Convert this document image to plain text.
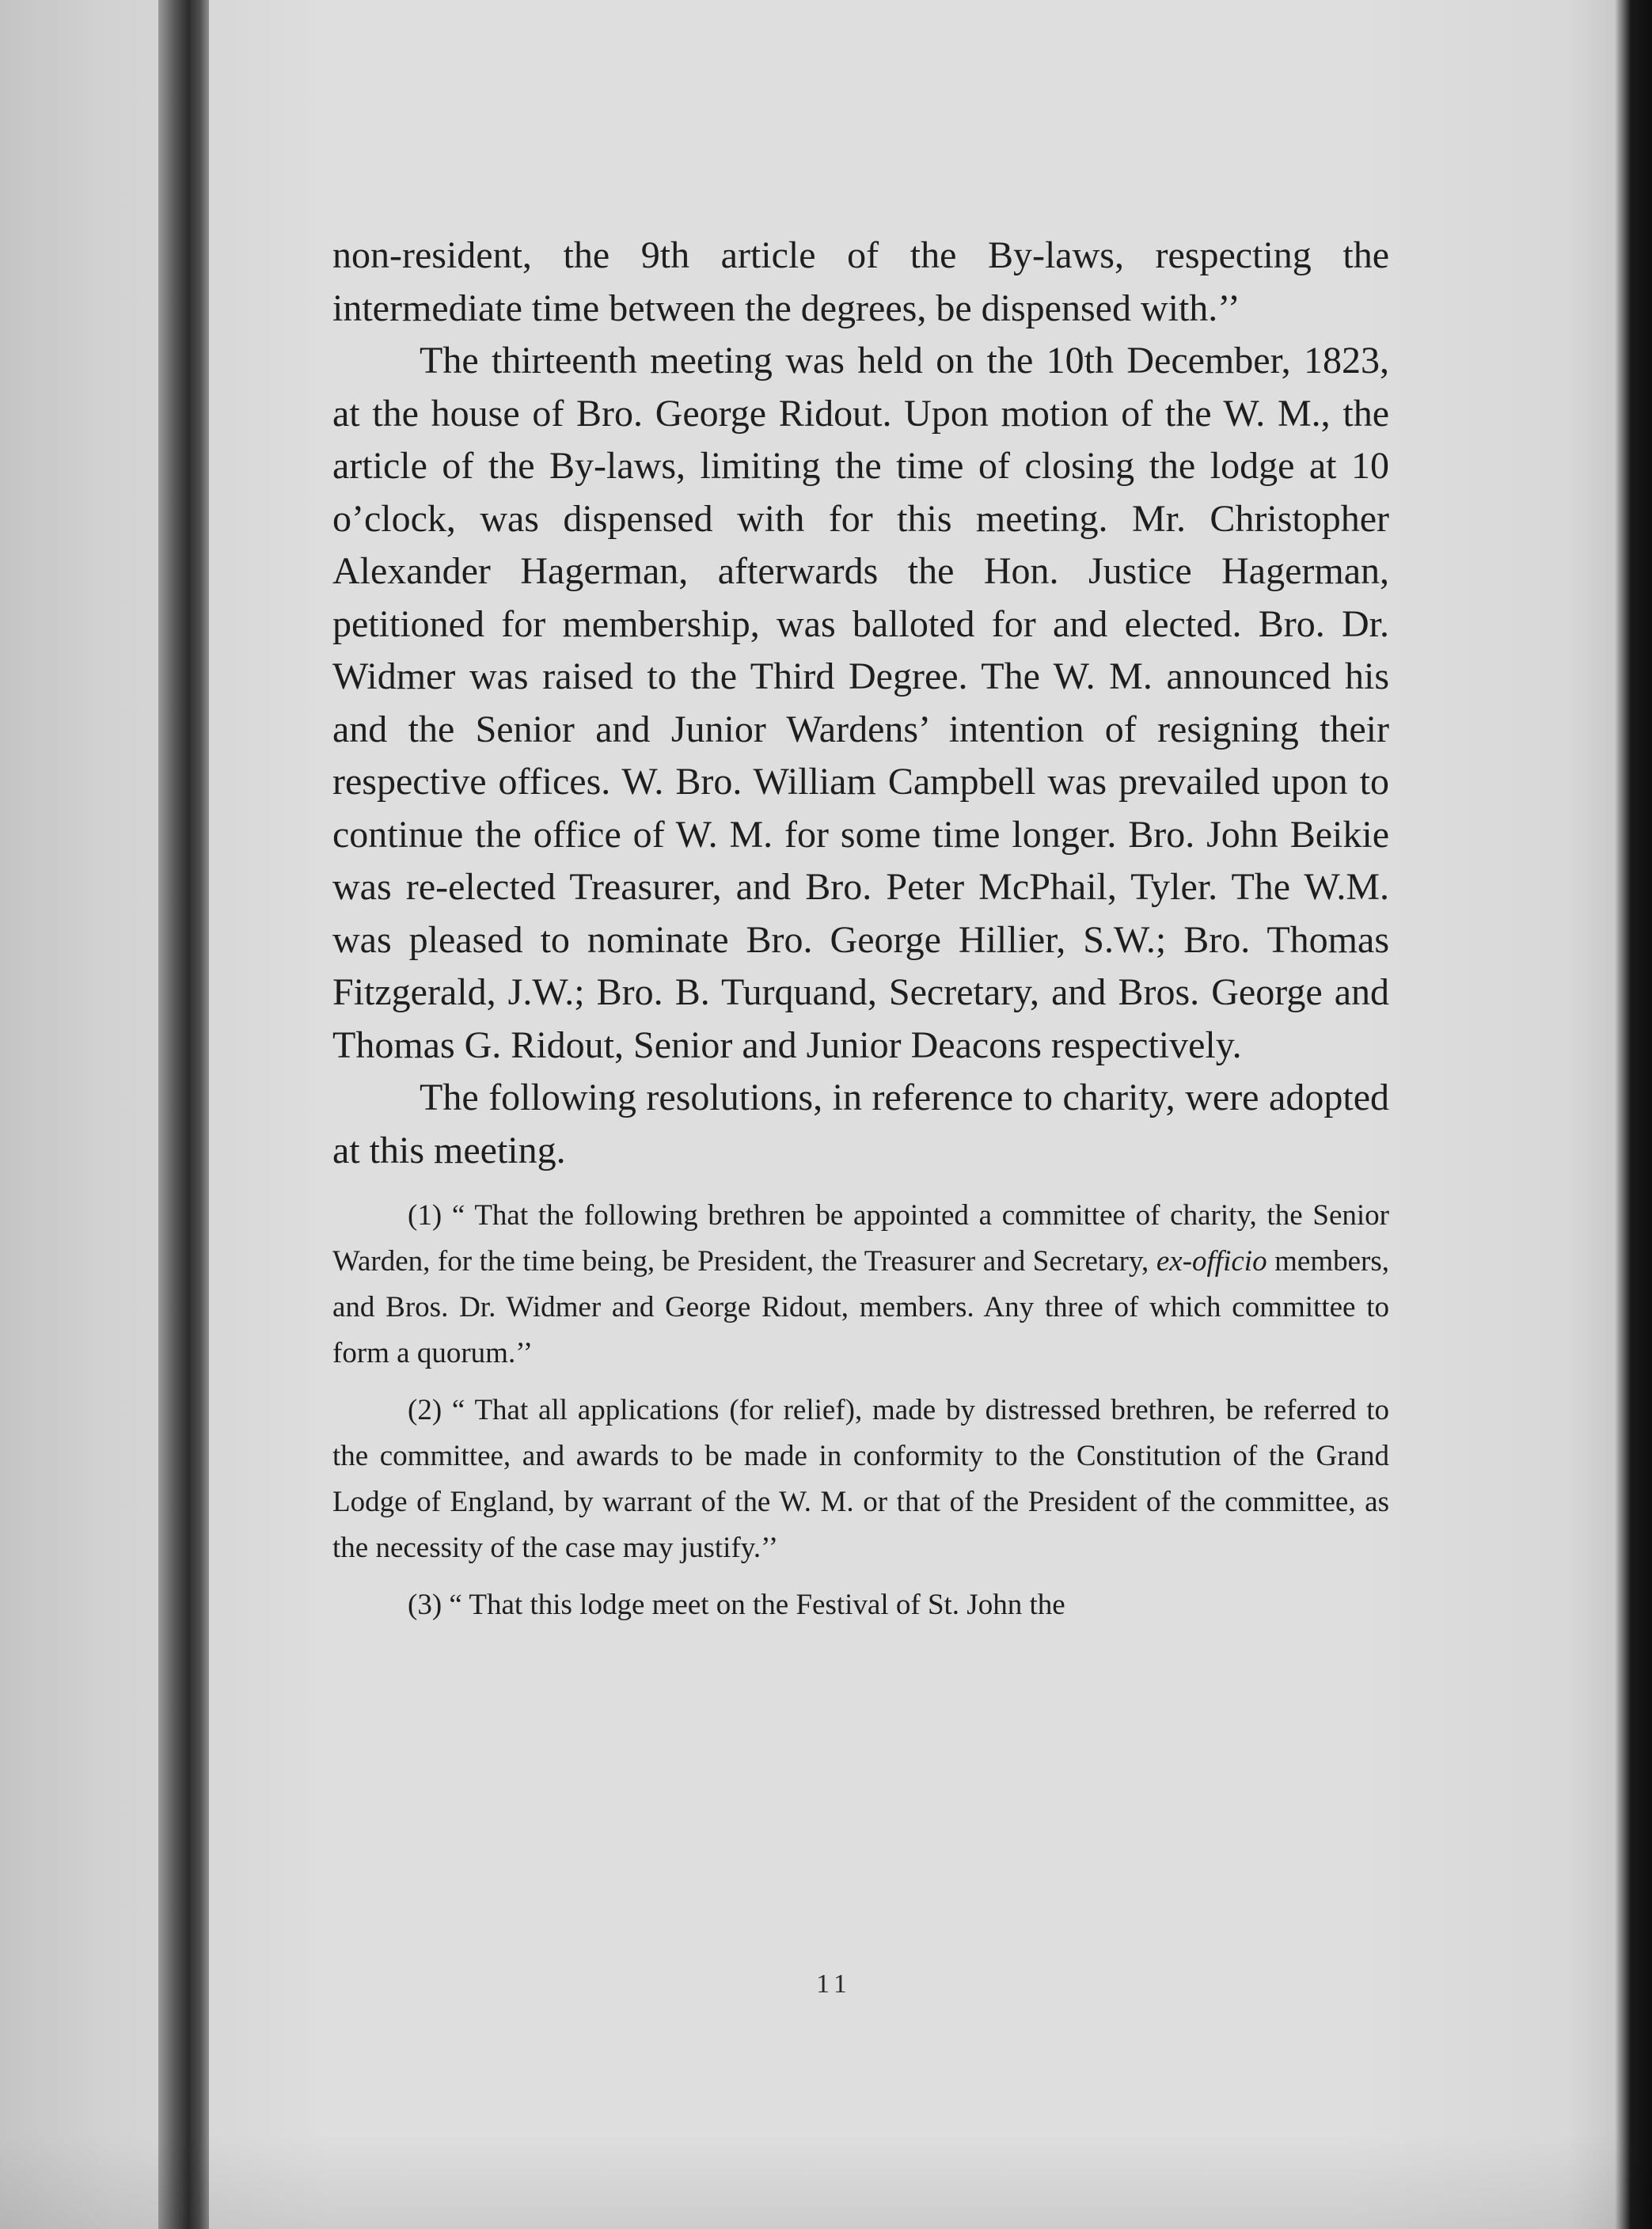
non-resident, the 9th article of the By-laws, respecting the intermediate time between the degrees, be dispensed with.’’

The thirteenth meeting was held on the 10th December, 1823, at the house of Bro. George Ridout. Upon motion of the W. M., the article of the By-laws, limiting the time of closing the lodge at 10 o’clock, was dispensed with for this meeting. Mr. Christopher Alexander Hagerman, afterwards the Hon. Justice Hagerman, petitioned for membership, was balloted for and elected. Bro. Dr. Widmer was raised to the Third Degree. The W. M. announced his and the Senior and Junior Wardens’ intention of resigning their respective offices. W. Bro. William Campbell was prevailed upon to continue the office of W. M. for some time longer. Bro. John Beikie was re-elected Treasurer, and Bro. Peter McPhail, Tyler. The W.M. was pleased to nominate Bro. George Hillier, S.W.; Bro. Thomas Fitzgerald, J.W.; Bro. B. Turquand, Secretary, and Bros. George and Thomas G. Ridout, Senior and Junior Deacons respectively.

The following resolutions, in reference to charity, were adopted at this meeting.

(1) “ That the following brethren be appointed a committee of charity, the Senior Warden, for the time being, be President, the Treasurer and Secretary, ex-officio members, and Bros. Dr. Widmer and George Ridout, members. Any three of which committee to form a quorum.’’

(2) “ That all applications (for relief), made by distressed brethren, be referred to the committee, and awards to be made in conformity to the Constitution of the Grand Lodge of England, by warrant of the W. M. or that of the President of the committee, as the necessity of the case may justify.’’

(3) “ That this lodge meet on the Festival of St. John the

11
